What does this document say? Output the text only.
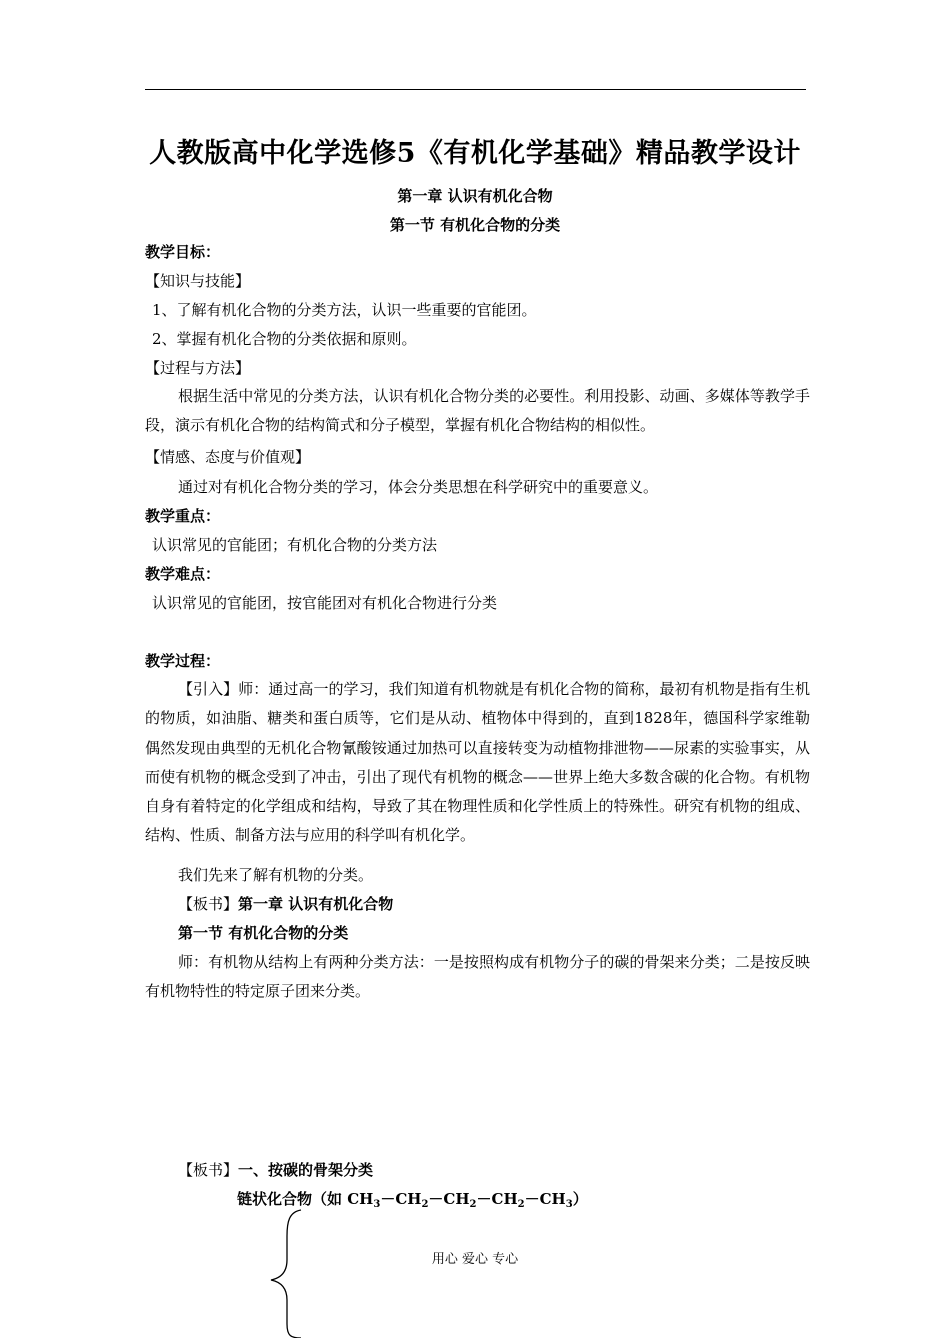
人教版高中化学选修5《有机化学基础》精品教学设计
第一章 认识有机化合物
第一节 有机化合物的分类
教学目标：
【知识与技能】
1、了解有机化合物的分类方法，认识一些重要的官能团。
2、掌握有机化合物的分类依据和原则。
【过程与方法】
根据生活中常见的分类方法，认识有机化合物分类的必要性。利用投影、动画、多媒体等教学手段，演示有机化合物的结构简式和分子模型，掌握有机化合物结构的相似性。
【情感、态度与价值观】
通过对有机化合物分类的学习，体会分类思想在科学研究中的重要意义。
教学重点：
认识常见的官能团；有机化合物的分类方法
教学难点：
认识常见的官能团，按官能团对有机化合物进行分类
教学过程：
【引入】师：通过高一的学习，我们知道有机物就是有机化合物的简称，最初有机物是指有生机的物质，如油脂、糖类和蛋白质等，它们是从动、植物体中得到的，直到1828年，德国科学家维勒偶然发现由典型的无机化合物氰酸铵通过加热可以直接转变为动植物排泄物——尿素的实验事实，从而使有机物的概念受到了冲击，引出了现代有机物的概念——世界上绝大多数含碳的化合物。有机物自身有着特定的化学组成和结构，导致了其在物理性质和化学性质上的特殊性。研究有机物的组成、结构、性质、制备方法与应用的科学叫有机化学。
我们先来了解有机物的分类。
【板书】第一章 认识有机化合物
第一节 有机化合物的分类
师：有机物从结构上有两种分类方法：一是按照构成有机物分子的碳的骨架来分类；二是按反映有机物特性的特定原子团来分类。
【板书】一、按碳的骨架分类
链状化合物（如 $CH_3-CH_2-CH_2-CH_2-CH_3$）
用心 爱心 专心
